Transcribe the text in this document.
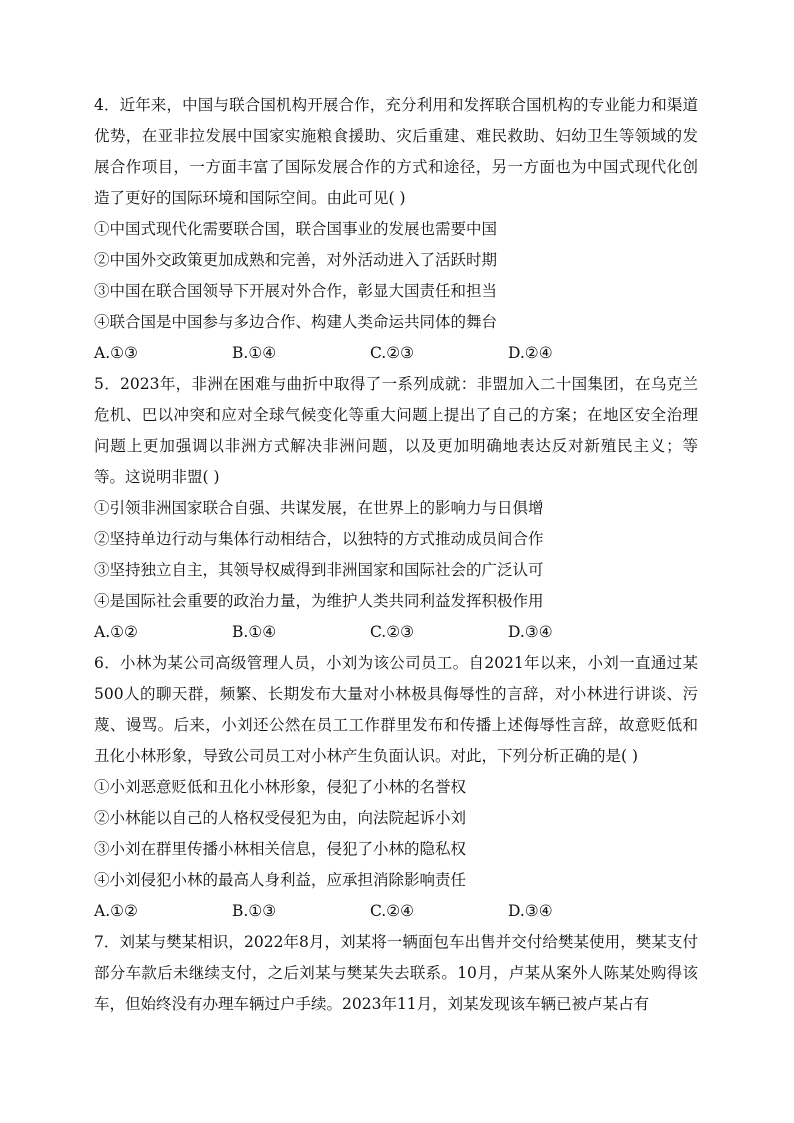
4．近年来，中国与联合国机构开展合作，充分利用和发挥联合国机构的专业能力和渠道优势，在亚非拉发展中国家实施粮食援助、灾后重建、难民救助、妇幼卫生等领域的发展合作项目，一方面丰富了国际发展合作的方式和途径，另一方面也为中国式现代化创造了更好的国际环境和国际空间。由此可见( )

①中国式现代化需要联合国，联合国事业的发展也需要中国

②中国外交政策更加成熟和完善，对外活动进入了活跃时期

③中国在联合国领导下开展对外合作，彰显大国责任和担当

④联合国是中国参与多边合作、构建人类命运共同体的舞台

A.①③	B.①④	C.②③	D.②④

5．2023年，非洲在困难与曲折中取得了一系列成就：非盟加入二十国集团，在乌克兰危机、巴以冲突和应对全球气候变化等重大问题上提出了自己的方案；在地区安全治理问题上更加强调以非洲方式解决非洲问题，以及更加明确地表达反对新殖民主义；等等。这说明非盟( )

①引领非洲国家联合自强、共谋发展，在世界上的影响力与日俱增

②坚持单边行动与集体行动相结合，以独特的方式推动成员间合作

③坚持独立自主，其领导权威得到非洲国家和国际社会的广泛认可

④是国际社会重要的政治力量，为维护人类共同利益发挥积极作用

A.①②	B.①④	C.②③	D.③④

6．小林为某公司高级管理人员，小刘为该公司员工。自2021年以来，小刘一直通过某500人的聊天群，频繁、长期发布大量对小林极具侮辱性的言辞，对小林进行讲谈、污蔑、谩骂。后来，小刘还公然在员工工作群里发布和传播上述侮辱性言辞，故意贬低和丑化小林形象，导致公司员工对小林产生负面认识。对此，下列分析正确的是( )

①小刘恶意贬低和丑化小林形象，侵犯了小林的名誉权

②小林能以自己的人格权受侵犯为由，向法院起诉小刘

③小刘在群里传播小林相关信息，侵犯了小林的隐私权

④小刘侵犯小林的最高人身利益，应承担消除影响责任

A.①②	B.①③	C.②④	D.③④

7．刘某与樊某相识，2022年8月，刘某将一辆面包车出售并交付给樊某使用，樊某支付部分车款后未继续支付，之后刘某与樊某失去联系。10月，卢某从案外人陈某处购得该车，但始终没有办理车辆过户手续。2023年11月，刘某发现该车辆已被卢某占有
